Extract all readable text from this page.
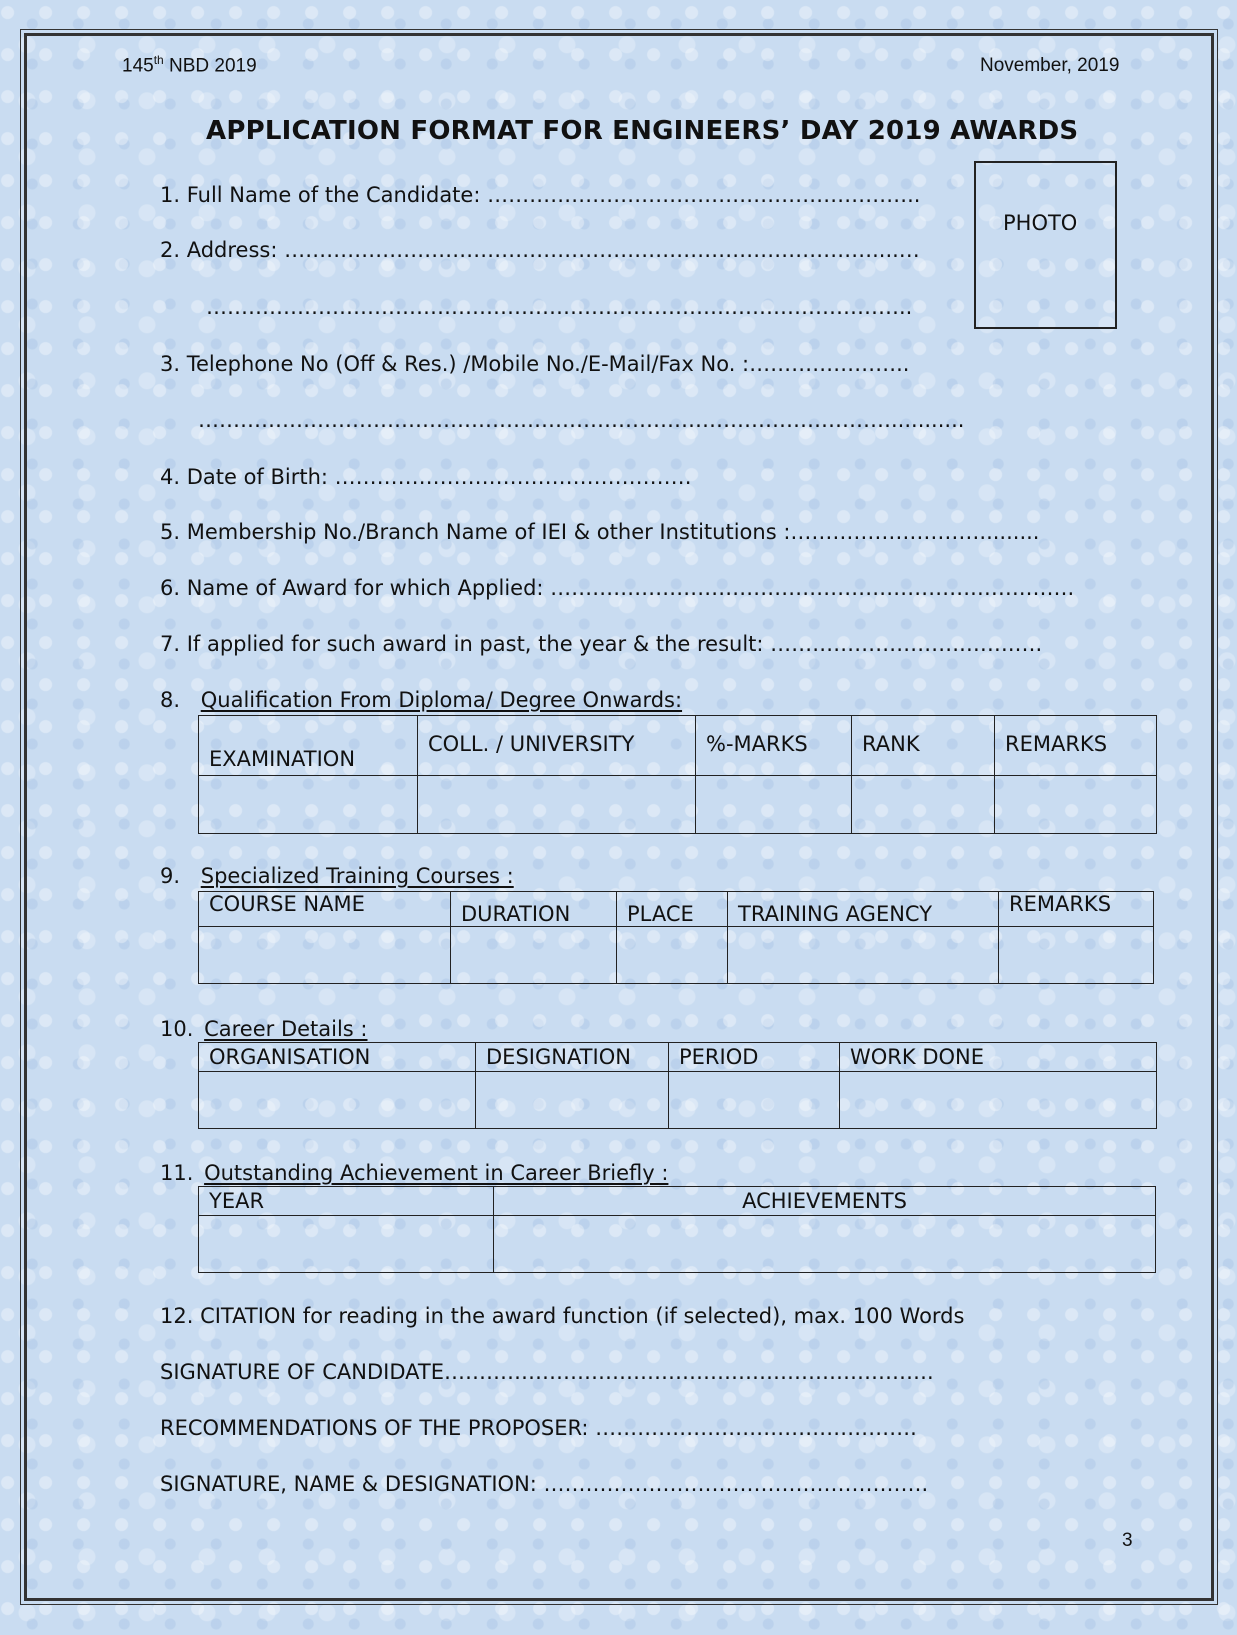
145th NBD 2019	November, 2019
APPLICATION FORMAT FOR ENGINEERS’ DAY 2019 AWARDS
PHOTO
1. Full Name of the Candidate: ……………………………………………………..
2. Address: …………………………………………………………………………....…
………………………………………………………………………………………..
3. Telephone No (Off & Res.) /Mobile No./E-Mail/Fax No. :…………………..
………………………………………………………………………………………...........
4. Date of Birth: ……………………………………………
5. Membership No./Branch Name of IEI & other Institutions :……………………….........
6. Name of Award for which Applied: …………………………………………………….…….…….
7. If applied for such award in past, the year & the result: ……………………….…….….
8. Qualification From Diploma/ Degree Onwards:
EXAMINATION	COLL. / UNIVERSITY	%-MARKS	RANK	REMARKS

9. Specialized Training Courses :
COURSE NAME	DURATION	PLACE	TRAINING AGENCY	REMARKS

10. Career Details :
ORGANISATION	DESIGNATION	PERIOD	WORK DONE

11. Outstanding Achievement in Career Briefly :
YEAR	ACHIEVEMENTS

12. CITATION for reading in the award function (if selected), max. 100 Words
SIGNATURE OF CANDIDATE…………………………………………………………….
RECOMMENDATIONS OF THE PROPOSER: ……………………………………….
SIGNATURE, NAME & DESIGNATION: ……………………………………………….
3
